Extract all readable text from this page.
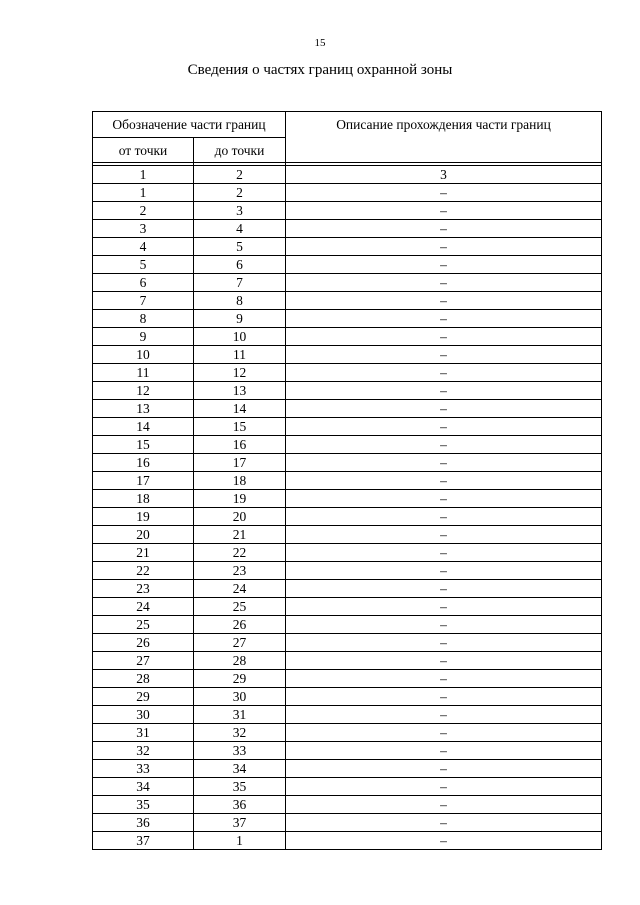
15
Сведения о частях границ охранной зоны
Обозначение части границ		Описание прохождения части границ
от точки	до точки	

1	2	3
1	2	–
2	3	–
3	4	–
4	5	–
5	6	–
6	7	–
7	8	–
8	9	–
9	10	–
10	11	–
11	12	–
12	13	–
13	14	–
14	15	–
15	16	–
16	17	–
17	18	–
18	19	–
19	20	–
20	21	–
21	22	–
22	23	–
23	24	–
24	25	–
25	26	–
26	27	–
27	28	–
28	29	–
29	30	–
30	31	–
31	32	–
32	33	–
33	34	–
34	35	–
35	36	–
36	37	–
37	1	–
